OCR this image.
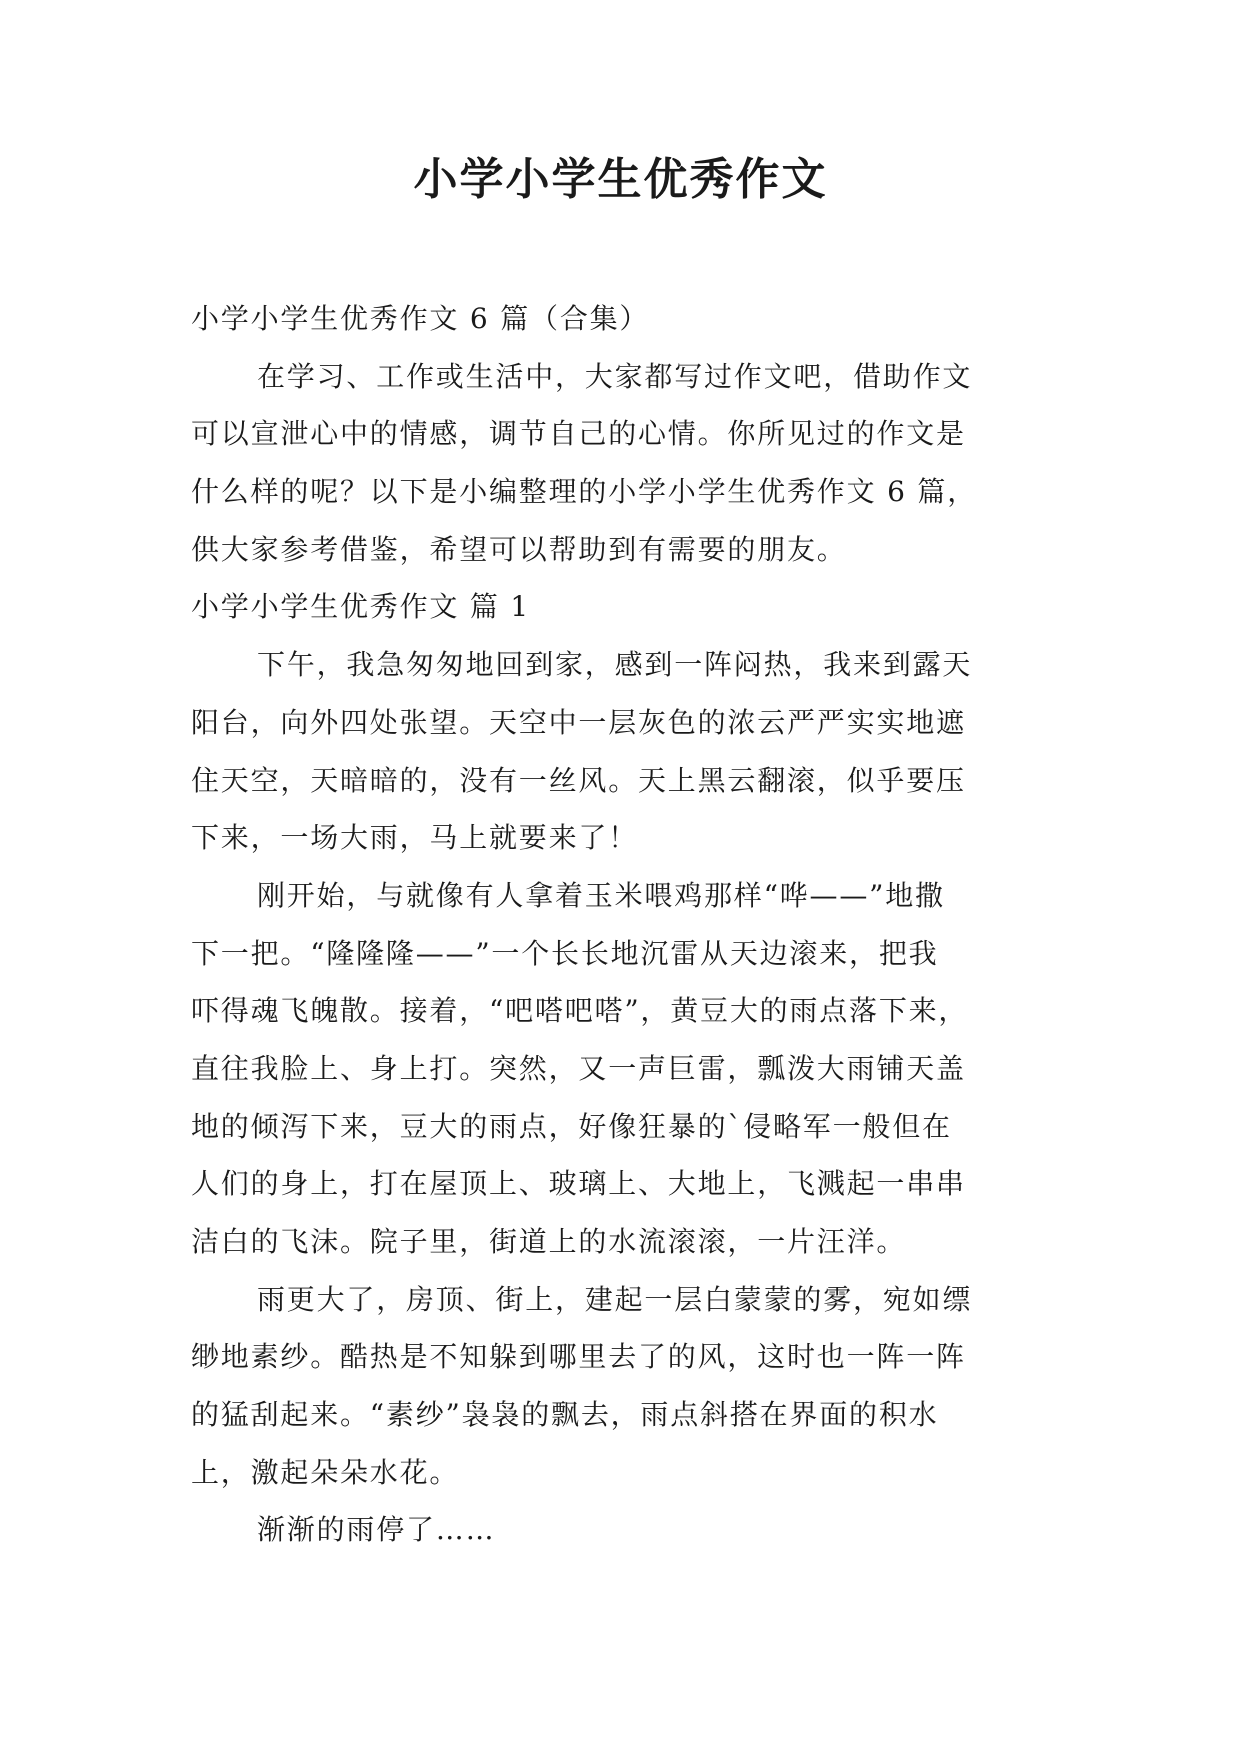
小学小学生优秀作文
小学小学生优秀作文 6 篇（合集）
在学习、工作或生活中，大家都写过作文吧，借助作文
可以宣泄心中的情感，调节自己的心情。你所见过的作文是
什么样的呢？以下是小编整理的小学小学生优秀作文 6 篇，
供大家参考借鉴，希望可以帮助到有需要的朋友。
小学小学生优秀作文 篇 1
下午，我急匆匆地回到家，感到一阵闷热，我来到露天
阳台，向外四处张望。天空中一层灰色的浓云严严实实地遮
住天空，天暗暗的，没有一丝风。天上黑云翻滚，似乎要压
下来，一场大雨，马上就要来了！
刚开始，与就像有人拿着玉米喂鸡那样“哗——”地撒
下一把。“隆隆隆——”一个长长地沉雷从天边滚来，把我
吓得魂飞魄散。接着，“吧嗒吧嗒”，黄豆大的雨点落下来，
直往我脸上、身上打。突然，又一声巨雷，瓢泼大雨铺天盖
地的倾泻下来，豆大的雨点，好像狂暴的`侵略军一般但在
人们的身上，打在屋顶上、玻璃上、大地上，飞溅起一串串
洁白的飞沫。院子里，街道上的水流滚滚，一片汪洋。
雨更大了，房顶、街上，建起一层白蒙蒙的雾，宛如缥
缈地素纱。酷热是不知躲到哪里去了的风，这时也一阵一阵
的猛刮起来。“素纱”袅袅的飘去，雨点斜搭在界面的积水
上，激起朵朵水花。
渐渐的雨停了……
